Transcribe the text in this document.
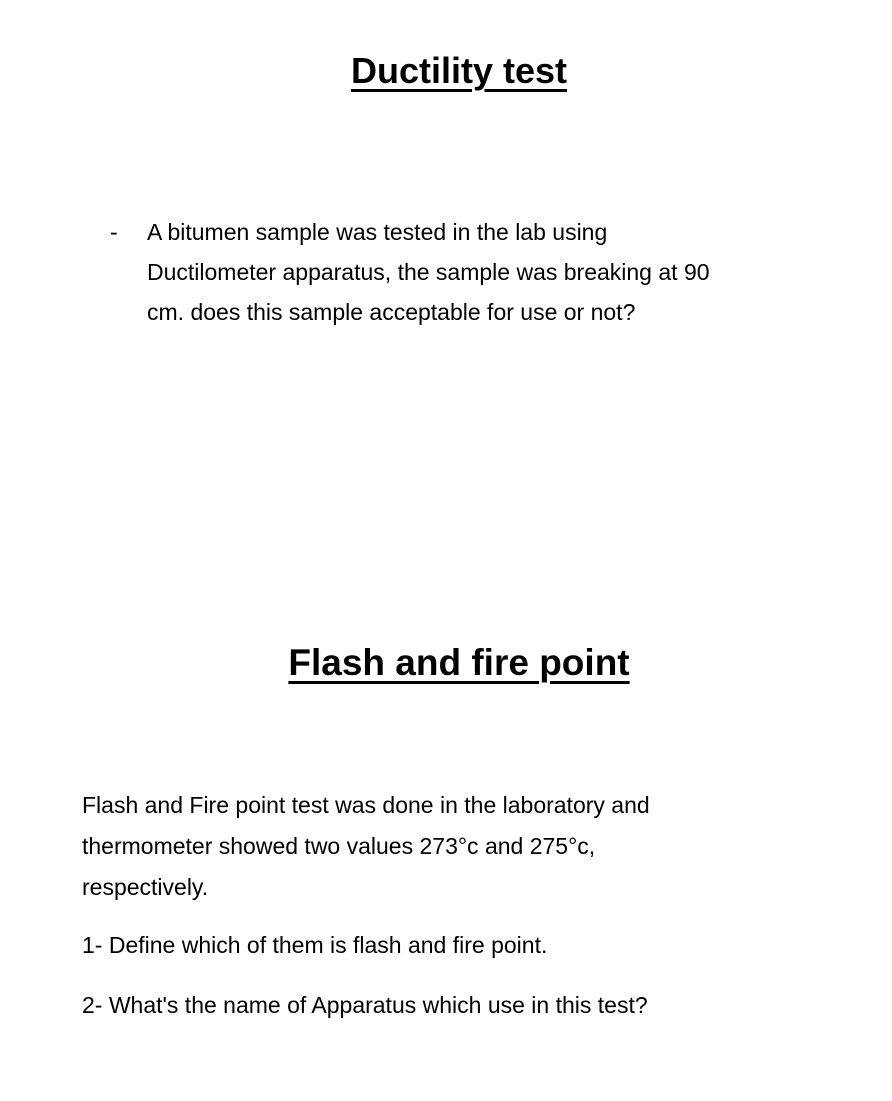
Ductility test
- A bitumen sample was tested in the lab using
Ductilometer apparatus, the sample was breaking at 90
cm. does this sample acceptable for use or not?
Flash and fire point
Flash and Fire point test was done in the laboratory and
thermometer showed two values 273°c and 275°c,
respectively.
1- Define which of them is flash and fire point.
2- What's the name of Apparatus which use in this test?
